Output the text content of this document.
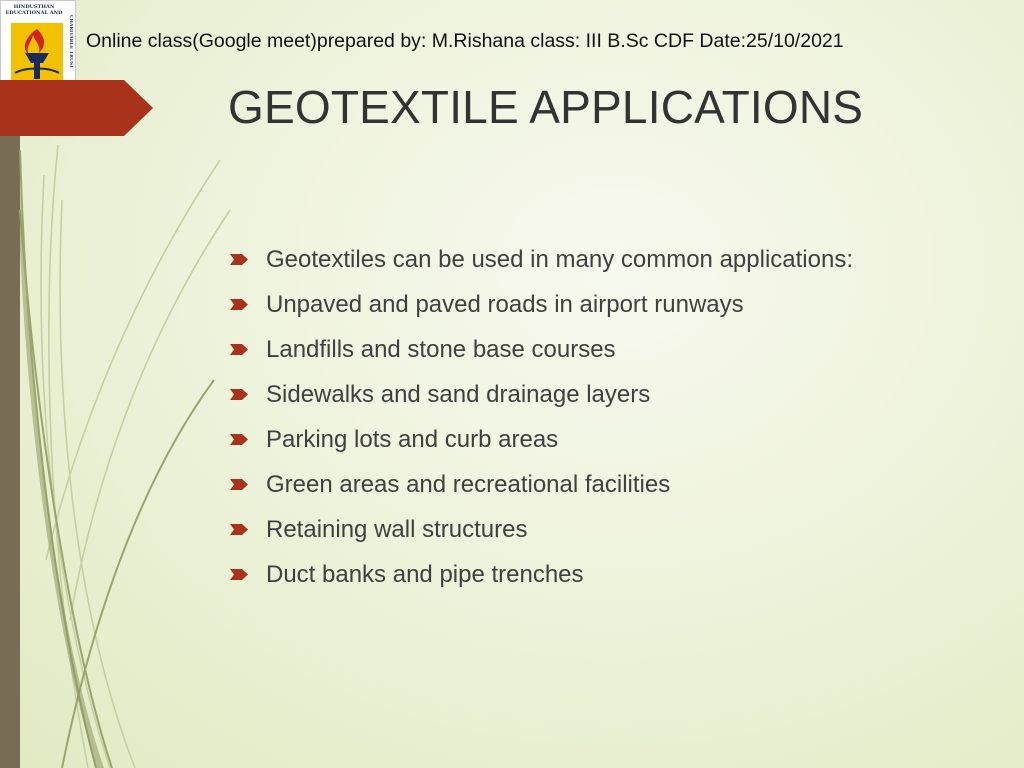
HINDUSTHAN EDUCATIONAL AND
CHARITABLE TRUST Online class(Google meet)prepared by: M.Rishana class: III B.Sc CDF Date:25/10/2021
GEOTEXTILE APPLICATIONS
Geotextiles can be used in many common applications:
Unpaved and paved roads in airport runways
Landfills and stone base courses
Sidewalks and sand drainage layers
Parking lots and curb areas
Green areas and recreational facilities
Retaining wall structures
Duct banks and pipe trenches
